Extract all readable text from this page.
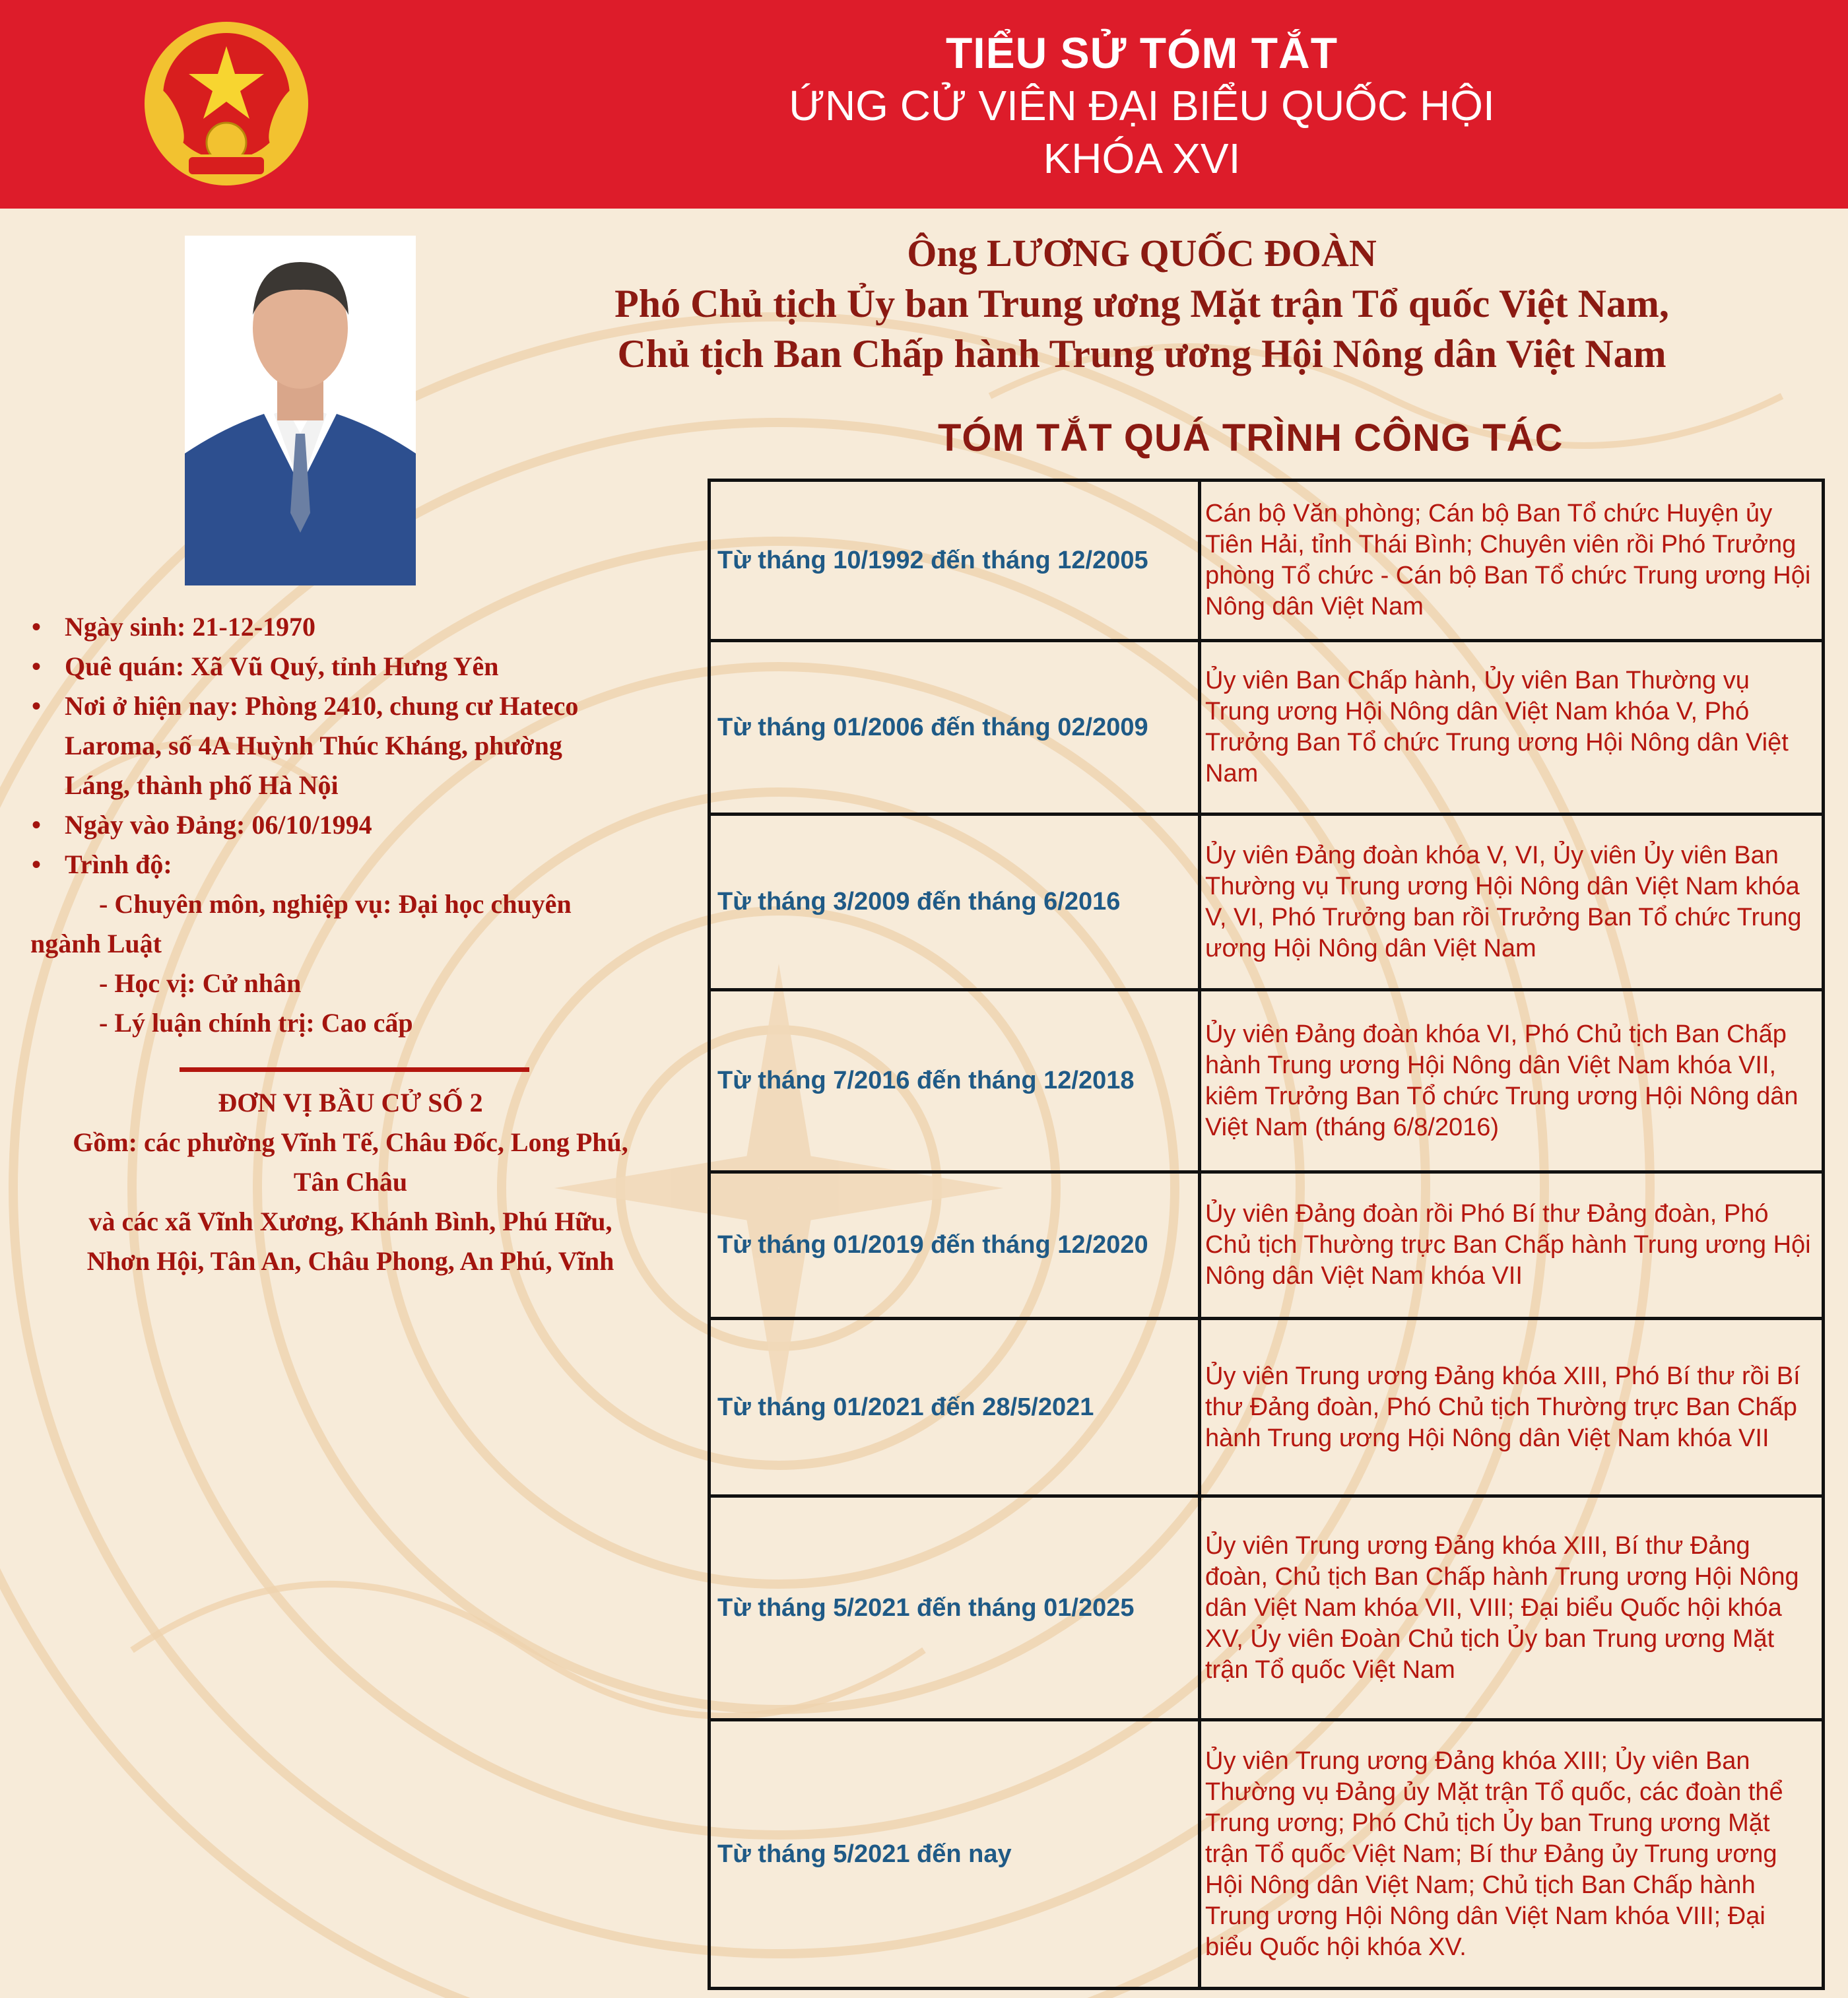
TIỂU SỬ TÓM TẮT
ỨNG CỬ VIÊN ĐẠI BIỂU QUỐC HỘI
KHÓA XVI
Ông LƯƠNG QUỐC ĐOÀN
Phó Chủ tịch Ủy ban Trung ương Mặt trận Tổ quốc Việt Nam,
Chủ tịch Ban Chấp hành Trung ương Hội Nông dân Việt Nam
TÓM TẮT QUÁ TRÌNH CÔNG TÁC
• Ngày sinh: 21-12-1970
• Quê quán: Xã Vũ Quý, tỉnh Hưng Yên
• Nơi ở hiện nay: Phòng 2410, chung cư Hateco
Laroma, số 4A Huỳnh Thúc Kháng, phường
Láng, thành phố Hà Nội
• Ngày vào Đảng: 06/10/1994
• Trình độ:
- Chuyên môn, nghiệp vụ: Đại học chuyên
ngành Luật
- Học vị: Cử nhân
- Lý luận chính trị: Cao cấp
ĐƠN VỊ BẦU CỬ SỐ 2
Gồm: các phường Vĩnh Tế, Châu Đốc, Long Phú,
Tân Châu
và các xã Vĩnh Xương, Khánh Bình, Phú Hữu,
Nhơn Hội, Tân An, Châu Phong, An Phú, Vĩnh
Từ tháng 10/1992 đến tháng 12/2005	Cán bộ Văn phòng; Cán bộ Ban Tổ chức Huyện ủy Tiên Hải, tỉnh Thái Bình; Chuyên viên rồi Phó Trưởng phòng Tổ chức - Cán bộ Ban Tổ chức Trung ương Hội Nông dân Việt Nam
Từ tháng 01/2006 đến tháng 02/2009	Ủy viên Ban Chấp hành, Ủy viên Ban Thường vụ Trung ương Hội Nông dân Việt Nam khóa V, Phó Trưởng Ban Tổ chức Trung ương Hội Nông dân Việt Nam
Từ tháng 3/2009 đến tháng 6/2016	Ủy viên Đảng đoàn khóa V, VI, Ủy viên Ủy viên Ban Thường vụ Trung ương Hội Nông dân Việt Nam khóa V, VI, Phó Trưởng ban rồi Trưởng Ban Tổ chức Trung ương Hội Nông dân Việt Nam
Từ tháng 7/2016 đến tháng 12/2018	Ủy viên Đảng đoàn khóa VI, Phó Chủ tịch Ban Chấp hành Trung ương Hội Nông dân Việt Nam khóa VII, kiêm Trưởng Ban Tổ chức Trung ương Hội Nông dân Việt Nam (tháng 6/8/2016)
Từ tháng 01/2019 đến tháng 12/2020	Ủy viên Đảng đoàn rồi Phó Bí thư Đảng đoàn, Phó Chủ tịch Thường trực Ban Chấp hành Trung ương Hội Nông dân Việt Nam khóa VII
Từ tháng 01/2021 đến 28/5/2021	Ủy viên Trung ương Đảng khóa XIII, Phó Bí thư rồi Bí thư Đảng đoàn, Phó Chủ tịch Thường trực Ban Chấp hành Trung ương Hội Nông dân Việt Nam khóa VII
Từ tháng 5/2021 đến tháng 01/2025	Ủy viên Trung ương Đảng khóa XIII, Bí thư Đảng đoàn, Chủ tịch Ban Chấp hành Trung ương Hội Nông dân Việt Nam khóa VII, VIII; Đại biểu Quốc hội khóa XV, Ủy viên Đoàn Chủ tịch Ủy ban Trung ương Mặt trận Tổ quốc Việt Nam
Từ tháng 5/2021 đến nay	Ủy viên Trung ương Đảng khóa XIII; Ủy viên Ban Thường vụ Đảng ủy Mặt trận Tổ quốc, các đoàn thể Trung ương; Phó Chủ tịch Ủy ban Trung ương Mặt trận Tổ quốc Việt Nam; Bí thư Đảng ủy Trung ương Hội Nông dân Việt Nam; Chủ tịch Ban Chấp hành Trung ương Hội Nông dân Việt Nam khóa VIII; Đại biểu Quốc hội khóa XV.
